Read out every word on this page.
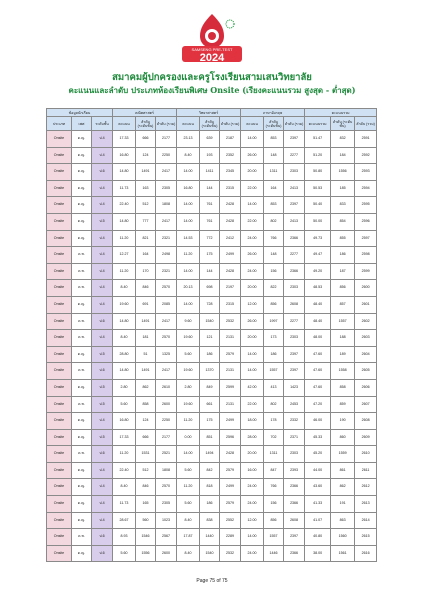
SAMSENG PRE-TEST
2024
สมาคมผู้ปกครองและครูโรงเรียนสามเสนวิทยาลัย
คะแนนและลำดับ ประเภทห้องเรียนพิเศษ Onsite (เรียงคะแนนรวม สูงสุด - ต่ำสุด)
ข้อมูลนักเรียน			คณิตศาสตร์			วิทยาศาสตร์			ภาษาอังกฤษ			คะแนนรวม		
ประเภท	เพศ	ระดับชั้น	คะแนน	ลำดับ (ระดับชั้น)	ลำดับ (รวม)	คะแนน	ลำดับ (ระดับชั้น)	ลำดับ (รวม)	คะแนน	ลำดับ (ระดับชั้น)	ลำดับ (รวม)	คะแนนรวม	ลำดับ (ระดับชั้น)	ลำดับ (รวม)
Onsite	ด.ญ.	ป.4	17.33	666	2177	23.13	639	2187	14.00	853	2397	51.47	832	2591
Onsite	ด.ญ.	ป.4	16.80	124	2250	8.40	193	2352	26.00	148	2277	51.20	184	2592
Onsite	ด.ญ.	ป.6	14.80	1491	2417	14.00	1411	2345	20.00	1311	2303	50.80	1556	2593
Onsite	ด.ญ.	ป.4	11.73	163	2305	16.80	144	2315	22.00	164	2413	50.53	185	2594
Onsite	ด.ญ.	ป.4	22.40	512	1808	14.00	761	2428	14.00	853	2397	50.40	833	2595
Onsite	ด.ญ.	ป.5	14.80	777	2417	14.00	761	2428	22.00	802	2413	50.00	854	2596
Onsite	ด.ญ.	ป.4	11.20	821	2321	14.53	772	2412	24.00	766	2366	49.73	855	2597
Onsite	ด.ช.	ป.4	12.27	164	2498	11.20	175	2499	26.00	148	2277	49.47	186	2598
Onsite	ด.ช.	ป.4	11.20	170	2321	14.00	144	2428	24.00	156	2366	49.20	187	2599
Onsite	ด.ช.	ป.4	8.40	846	2570	20.13	698	2197	20.00	822	2303	48.53	856	2600
Onsite	ด.ญ.	ป.4	19.60	691	2085	14.00	728	2315	12.00	856	2608	48.40	857	2601
Onsite	ด.ช.	ป.6	14.80	1491	2417	9.60	1540	2532	26.00	1997	2277	48.40	1557	2602
Onsite	ด.ช.	ป.4	8.40	181	2570	19.60	121	2131	20.00	173	2303	48.00	188	2603
Onsite	ด.ญ.	ป.5	28.80	51	1325	5.60	186	2579	14.00	186	2397	47.60	189	2604
Onsite	ด.ช.	ป.6	14.80	1491	2417	19.60	1370	2131	14.00	1557	2397	47.60	1558	2605
Onsite	ด.ญ.	ป.5	2.80	862	2610	2.80	849	2599	42.00	413	1423	47.60	858	2606
Onsite	ด.ช.	ป.5	5.60	858	2600	19.60	661	2131	22.00	802	2453	47.20	859	2607
Onsite	ด.ญ.	ป.4	16.80	124	2250	11.20	175	2499	18.00	178	2332	46.00	190	2608
Onsite	ด.ญ.	ป.5	17.33	666	2177	0.00	851	2596	28.00	702	2371	45.33	860	2609
Onsite	ด.ช.	ป.6	11.20	1531	2521	14.00	1494	2428	20.00	1311	2303	45.20	1559	2610
Onsite	ด.ญ.	ป.4	22.40	512	1808	5.60	842	2579	16.00	847	2393	44.00	861	2611
Onsite	ด.ญ.	ป.4	8.40	846	2570	11.20	818	2499	24.00	766	2366	43.60	862	2612
Onsite	ด.ญ.	ป.4	11.73	165	2305	5.60	186	2579	24.00	156	2366	41.33	191	2613
Onsite	ด.ญ.	ป.4	28.67	560	1023	8.40	838	2552	12.00	856	2608	41.07	863	2614
Onsite	ด.ช.	ป.6	8.93	1546	2567	17.87	1440	2289	14.00	1557	2397	40.80	1560	2615
Onsite	ด.ญ.	ป.6	5.60	1556	2600	8.40	1540	2532	24.00	1446	2366	38.00	1561	2616
Page 75 of 75
